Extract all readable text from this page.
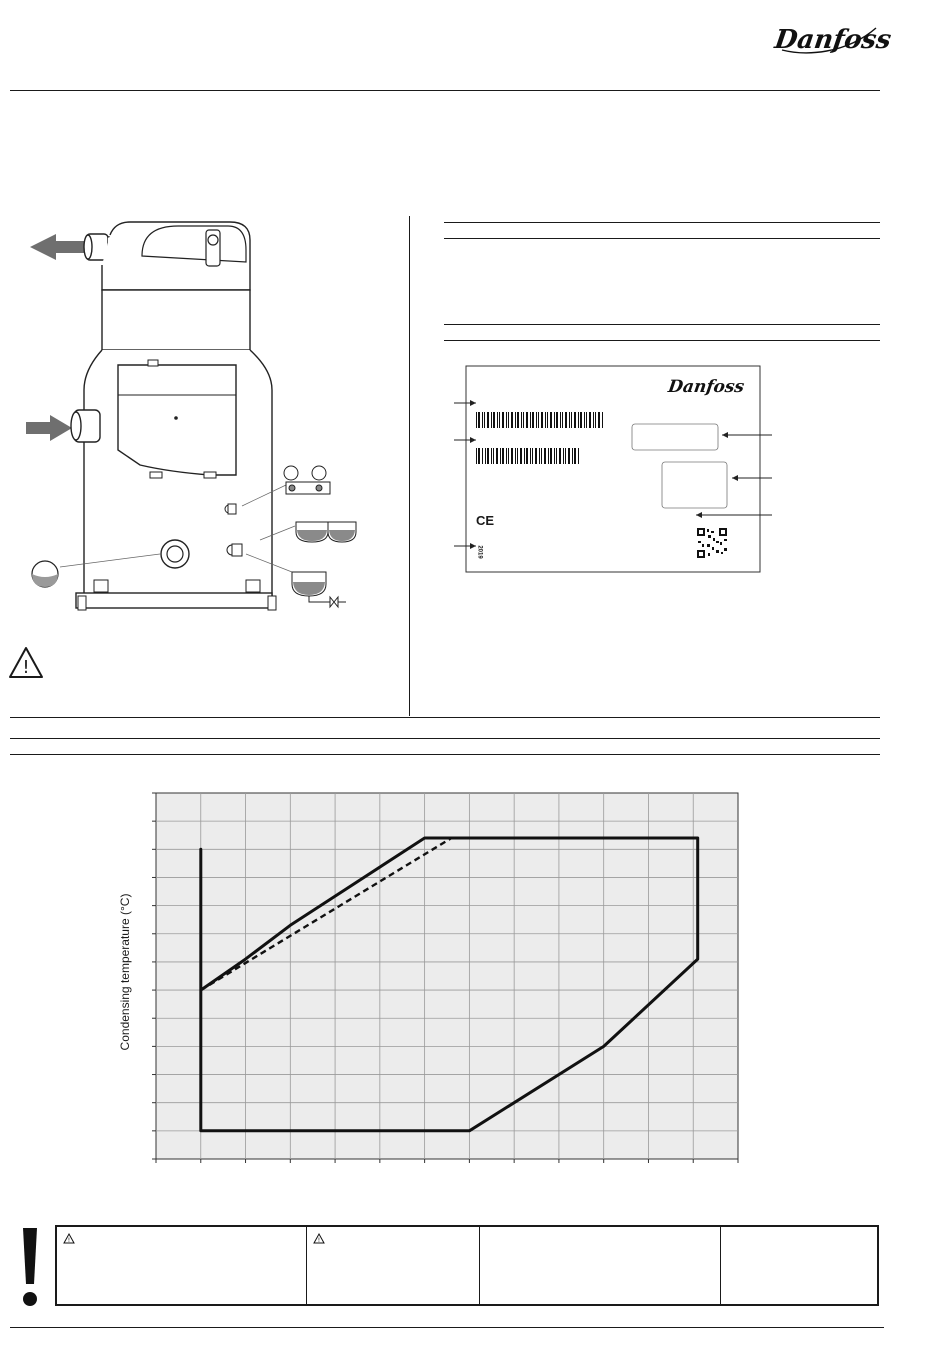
Danfoss
!
Danfoss
CE
2019
Condensing temperature (°C)
!	!
